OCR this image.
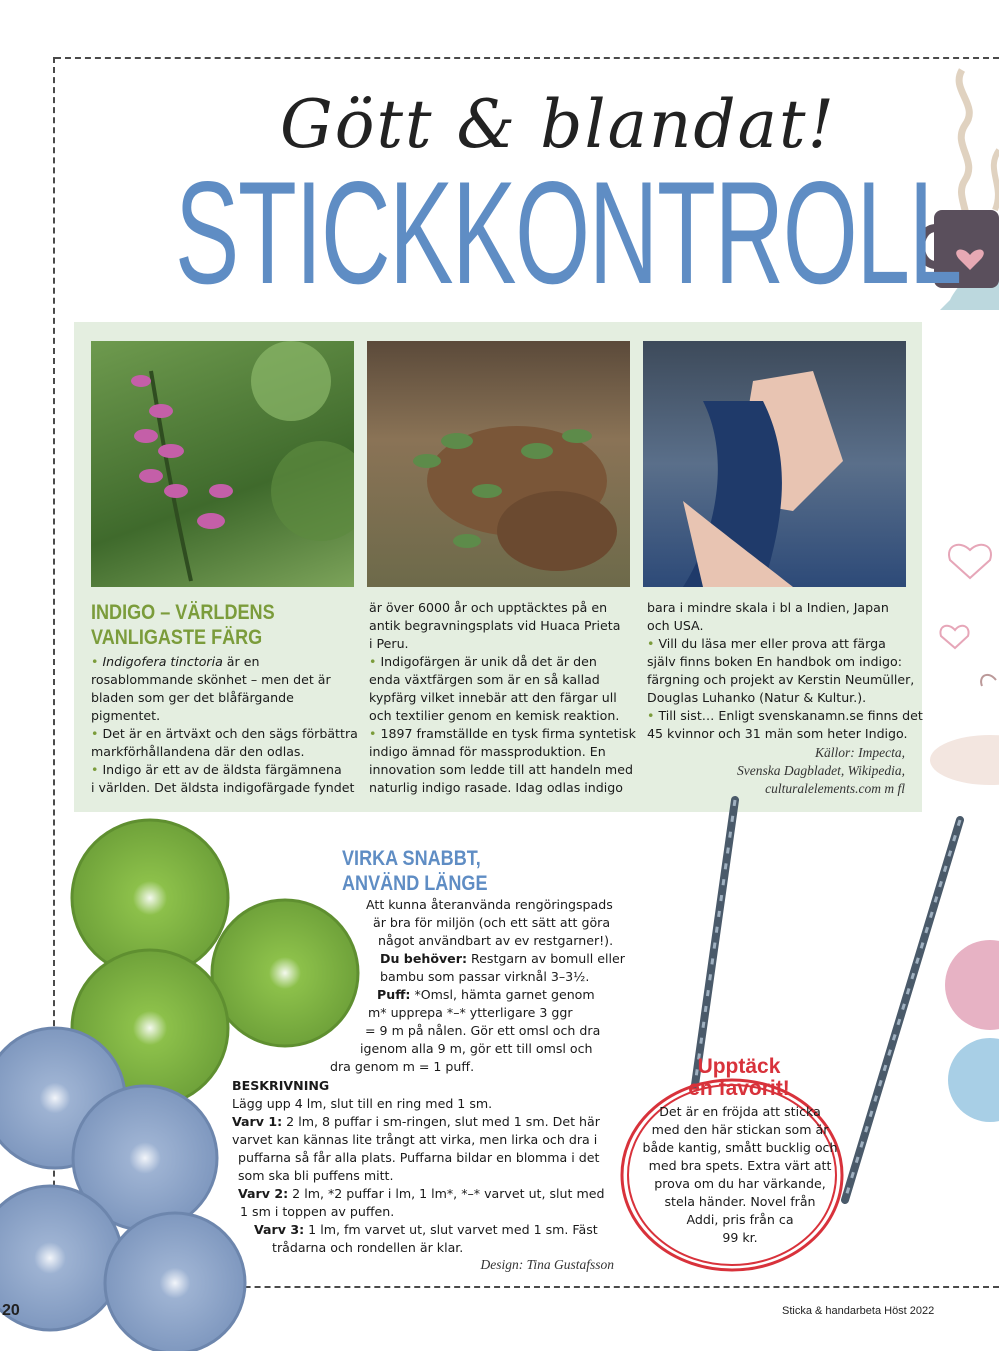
Gött & blandat!
STICKKONTROLL
INDIGO – VÄRLDENS
VANLIGASTE FÄRG
• Indigofera tinctoria är en
rosablommande skönhet – men det är
bladen som ger det blåfärgande
pigmentet.
• Det är en ärtväxt och den sägs förbättra
markförhållandena där den odlas.
• Indigo är ett av de äldsta färgämnena
i världen. Det äldsta indigofärgade fyndet
är över 6000 år och upptäcktes på en
antik begravningsplats vid Huaca Prieta
i Peru.
• Indigofärgen är unik då det är den
enda växtfärgen som är en så kallad
kypfärg vilket innebär att den färgar ull
och textilier genom en kemisk reaktion.
• 1897 framställde en tysk firma syntetisk
indigo ämnad för massproduktion. En
innovation som ledde till att handeln med
naturlig indigo rasade. Idag odlas indigo
bara i mindre skala i bl a Indien, Japan
och USA.
• Vill du läsa mer eller prova att färga
själv finns boken En handbok om indigo:
färgning och projekt av Kerstin Neumüller,
Douglas Luhanko (Natur & Kultur.).
• Till sist… Enligt svenskanamn.se finns det
45 kvinnor och 31 män som heter Indigo.
Källor: Impecta,
Svenska Dagbladet, Wikipedia,
culturalelements.com m fl
VIRKA SNABBT,
ANVÄND LÄNGE
Att kunna återanvända rengöringspads
är bra för miljön (och ett sätt att göra
något användbart av ev restgarner!).
Du behöver: Restgarn av bomull eller
bambu som passar virknål 3–3½.
Puff: *Omsl, hämta garnet genom
m* upprepa *–* ytterligare 3 ggr
= 9 m på nålen. Gör ett omsl och dra
igenom alla 9 m, gör ett till omsl och
dra genom m = 1 puff.
BESKRIVNING
Lägg upp 4 lm, slut till en ring med 1 sm.
Varv 1: 2 lm, 8 puffar i sm-ringen, slut med 1 sm. Det här
varvet kan kännas lite trångt att virka, men lirka och dra i
puffarna så får alla plats. Puffarna bildar en blomma i det
som ska bli puffens mitt.
Varv 2: 2 lm, *2 puffar i lm, 1 lm*, *–* varvet ut, slut med
1 sm i toppen av puffen.
Varv 3: 1 lm, fm varvet ut, slut varvet med 1 sm. Fäst
trådarna och rondellen är klar.
Design: Tina Gustafsson
Upptäck
en favorit!
Det är en fröjda att sticka
med den här stickan som är
både kantig, smått bucklig och
med bra spets. Extra värt att
prova om du har värkande,
stela händer. Novel från
Addi, pris från ca
99 kr.
20	Sticka & handarbeta Höst 2022
